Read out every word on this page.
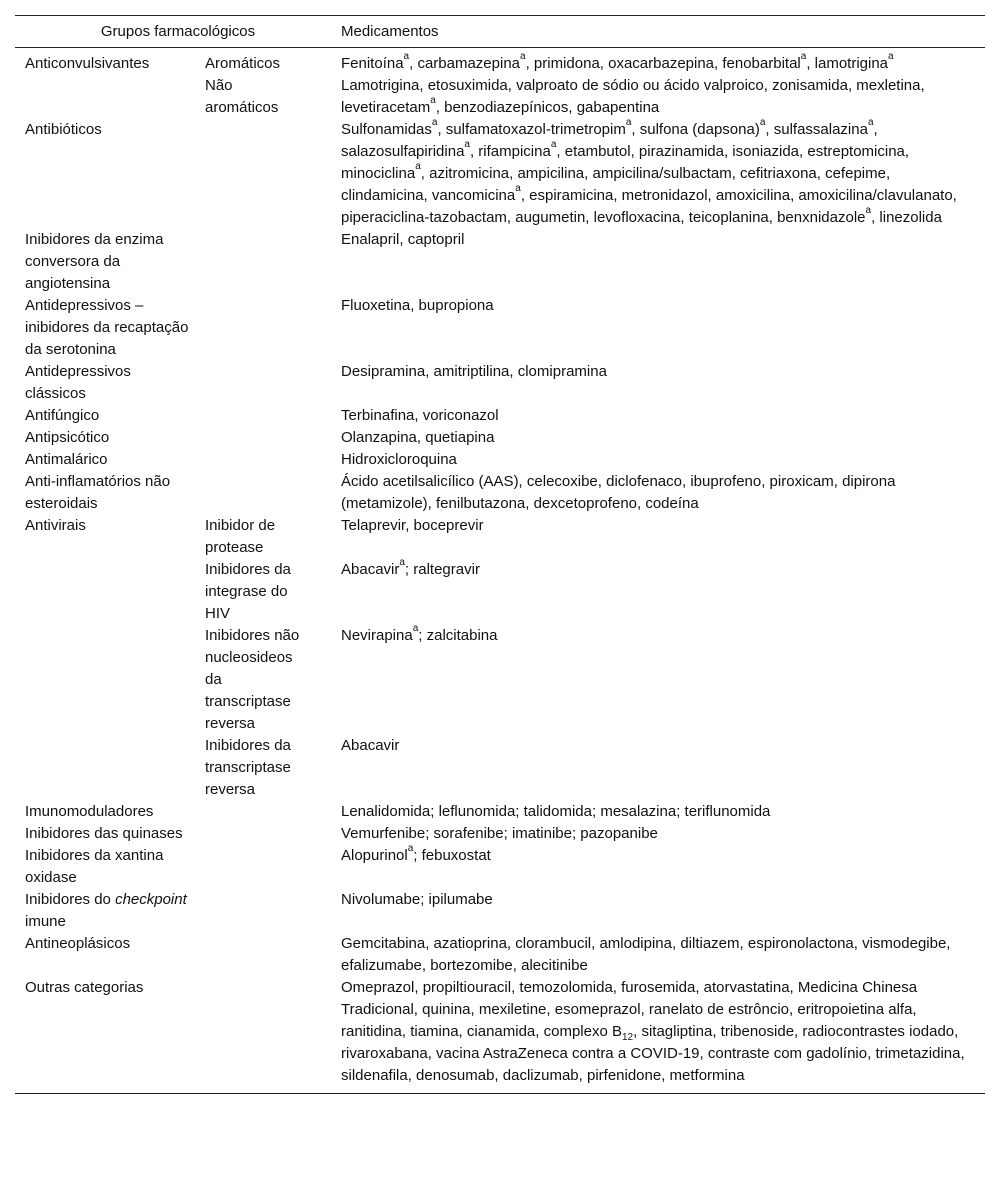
Grupos farmacológicos		Medicamentos
Anticonvulsivantes	Aromáticos	Fenitoína$^a$, carbamazepina$^a$, primidona, oxacarbazepina, fenobarbital$^a$, lamotrigina$^a$
	Não aromáticos	Lamotrigina, etosuximida, valproato de sódio ou ácido valproico, zonisamida, mexletina, levetiracetam$^a$, benzodiazepínicos, gabapentina
Antibióticos		Sulfonamidas$^a$, sulfamatoxazol-trimetropim$^a$, sulfona (dapsona)$^a$, sulfassalazina$^a$, salazosulfapiridina$^a$, rifampicina$^a$, etambutol, pirazinamida, isoniazida, estreptomicina, minociclina$^a$, azitromicina, ampicilina, ampicilina/sulbactam, cefitriaxona, cefepime, clindamicina, vancomicina$^a$, espiramicina, metronidazol, amoxicilina, amoxicilina/clavulanato, piperaciclina-tazobactam, augumetin, levofloxacina, teicoplanina, benxnidazole$^a$, linezolida
Inibidores da enzima conversora da angiotensina		Enalapril, captopril
Antidepressivos – inibidores da recaptação da serotonina		Fluoxetina, bupropiona
Antidepressivos clássicos		Desipramina, amitriptilina, clomipramina
Antifúngico		Terbinafina, voriconazol
Antipsicótico		Olanzapina, quetiapina
Antimalárico		Hidroxicloroquina
Anti-inflamatórios não esteroidais		Ácido acetilsalicílico (AAS), celecoxibe, diclofenaco, ibuprofeno, piroxicam, dipirona (metamizole), fenilbutazona, dexcetoprofeno, codeína
Antivirais	Inibidor de protease	Telaprevir, boceprevir
	Inibidores da integrase do HIV	Abacavir$^a$; raltegravir
	Inibidores não nucleosideos da transcriptase reversa	Nevirapina$^a$; zalcitabina
	Inibidores da transcriptase reversa	Abacavir
Imunomoduladores		Lenalidomida; leflunomida; talidomida; mesalazina; teriflunomida
Inibidores das quinases		Vemurfenibe; sorafenibe; imatinibe; pazopanibe
Inibidores da xantina oxidase		Alopurinol$^a$; febuxostat
Inibidores do checkpoint imune		Nivolumabe; ipilumabe
Antineoplásicos		Gemcitabina, azatioprina, clorambucil, amlodipina, diltiazem, espironolactona, vismodegibe, efalizumabe, bortezomibe, alecitinibe
Outras categorias		Omeprazol, propiltiouracil, temozolomida, furosemida, atorvastatina, Medicina Chinesa Tradicional, quinina, mexiletine, esomeprazol, ranelato de estrôncio, eritropoietina alfa, ranitidina, tiamina, cianamida, complexo $B_{12}$, sitagliptina, tribenoside, radiocontrastes iodado, rivaroxabana, vacina AstraZeneca contra a COVID-19, contraste com gadolínio, trimetazidina, sildenafila, denosumab, daclizumab, pirfenidone, metformina
